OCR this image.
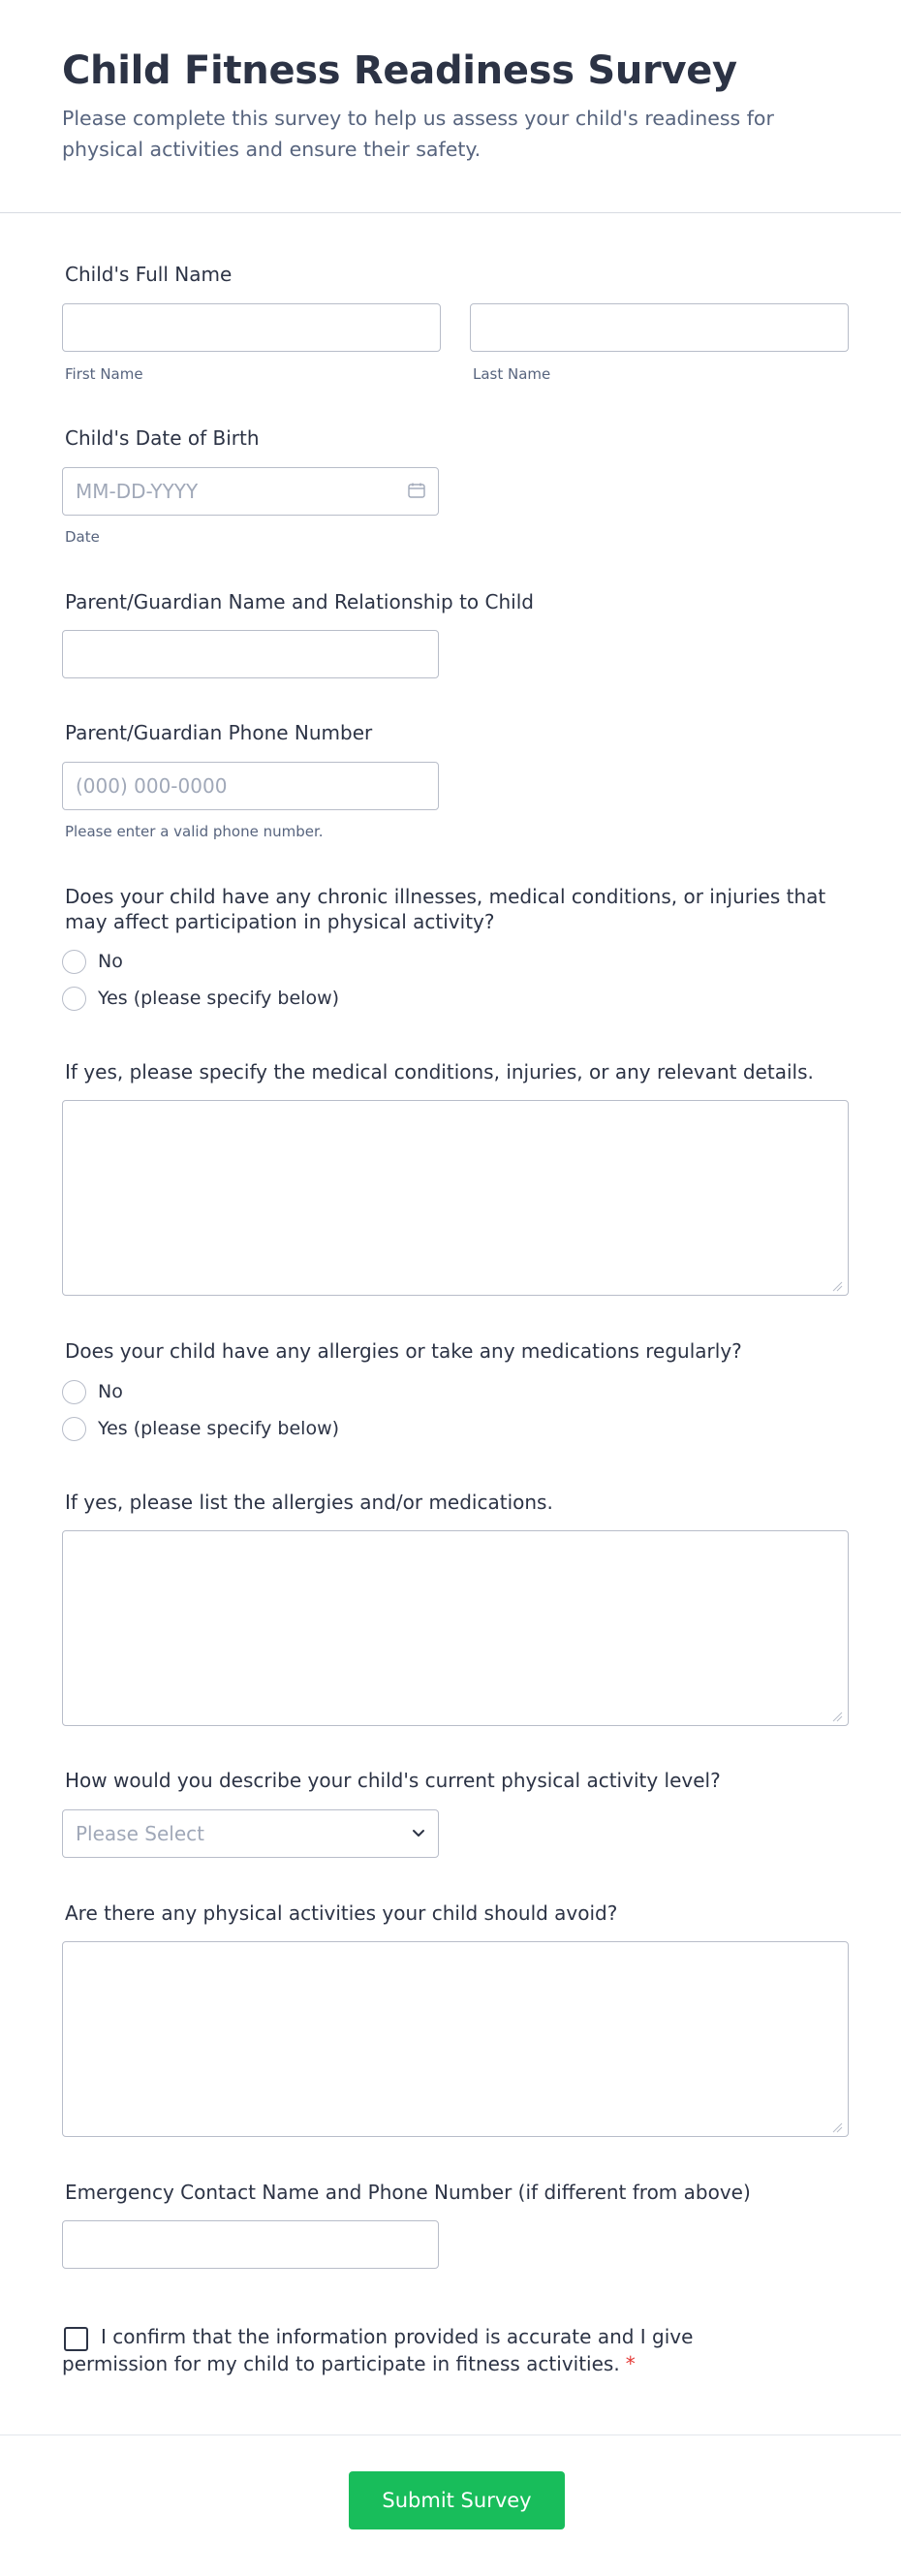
Child Fitness Readiness Survey

Please complete this survey to help us assess your child's readiness for physical activities and ensure their safety.

Child's Full Name
First Name	Last Name
Child's Date of Birth
MM-DD-YYYY
Date
Parent/Guardian Name and Relationship to Child
Parent/Guardian Phone Number
(000) 000-0000
Please enter a valid phone number.
Does your child have any chronic illnesses, medical conditions, or injuries that may affect participation in physical activity?
No
Yes (please specify below)
If yes, please specify the medical conditions, injuries, or any relevant details.
Does your child have any allergies or take any medications regularly?
No
Yes (please specify below)
If yes, please list the allergies and/or medications.
How would you describe your child's current physical activity level?
Please Select
Are there any physical activities your child should avoid?
Emergency Contact Name and Phone Number (if different from above)

I confirm that the information provided is accurate and I give permission for my child to participate in fitness activities. *

Submit Survey
